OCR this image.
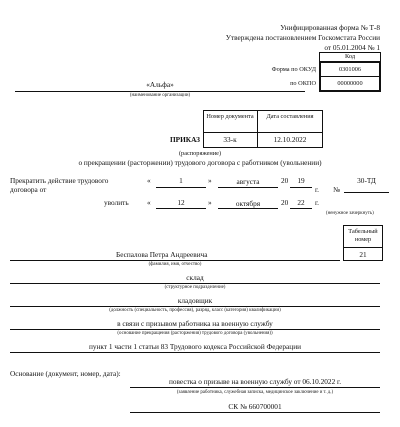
Унифицированная форма № Т-8
Утверждена постановлением Госкомстата России
от 05.01.2004 № 1
Код
Форма по ОКУД	0301006
по ОКПО	00000000
«Альфа»
(наименование организации)
Номер документа	Дата составления
33-к	12.10.2022
ПРИКАЗ
(распоряжение)
о прекращении (расторжении) трудового договора с работником (увольнении)
Прекратить действие трудового договора от
«	1	»	августа	20	19
г. №
30-ТД
уволить	«	12	»	октября	20	22	г.
(ненужное зачеркнуть)
Табельный номер
21
Беспалова Петра Андреевича
(фамилия, имя, отчество)
склад
(структурное подразделение)
кладовщик
(должность (специальность, профессия), разряд, класс (категория) квалификации)
в связи с призывом работника на военную службу
(основание прекращения (расторжения) трудового договора (увольнения))
пункт 1 части 1 статьи 83 Трудового кодекса Российской Федерации
Основание (документ, номер, дата):
повестка о призыве на военную службу от 06.10.2022 г.
(заявление работника, служебная записка, медицинское заключение и т. д.)
СК № 660700001
